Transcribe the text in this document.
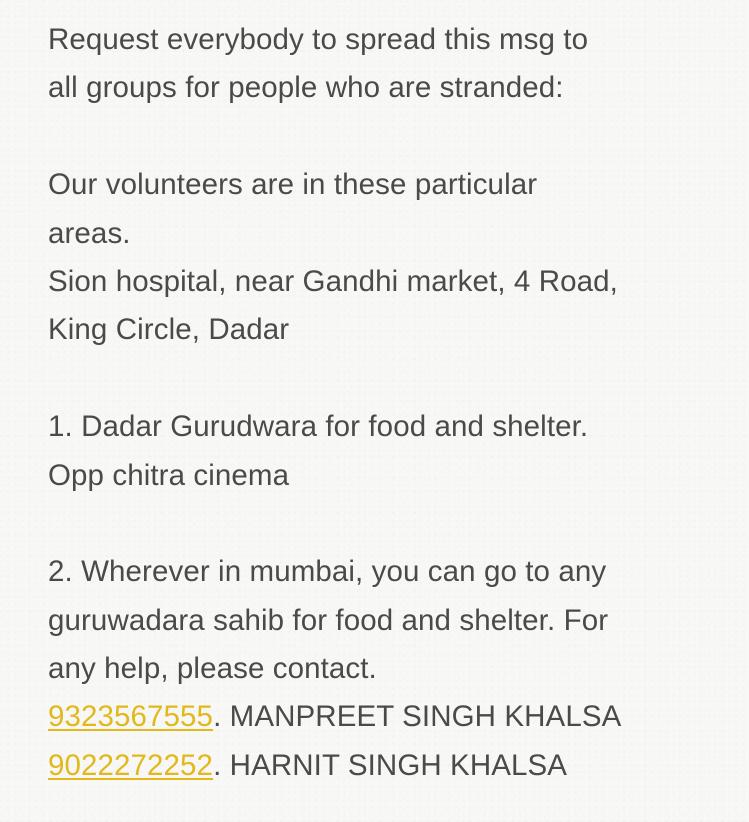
Request everybody to spread this msg to
all groups for people who are stranded:
Our volunteers are in these particular
areas.
Sion hospital, near Gandhi market, 4 Road,
King Circle, Dadar
1. Dadar Gurudwara for food and shelter.
Opp chitra cinema
2. Wherever in mumbai, you can go to any
guruwadara sahib for food and shelter. For
any help, please contact.
9323567555. MANPREET SINGH KHALSA
9022272252. HARNIT SINGH KHALSA
